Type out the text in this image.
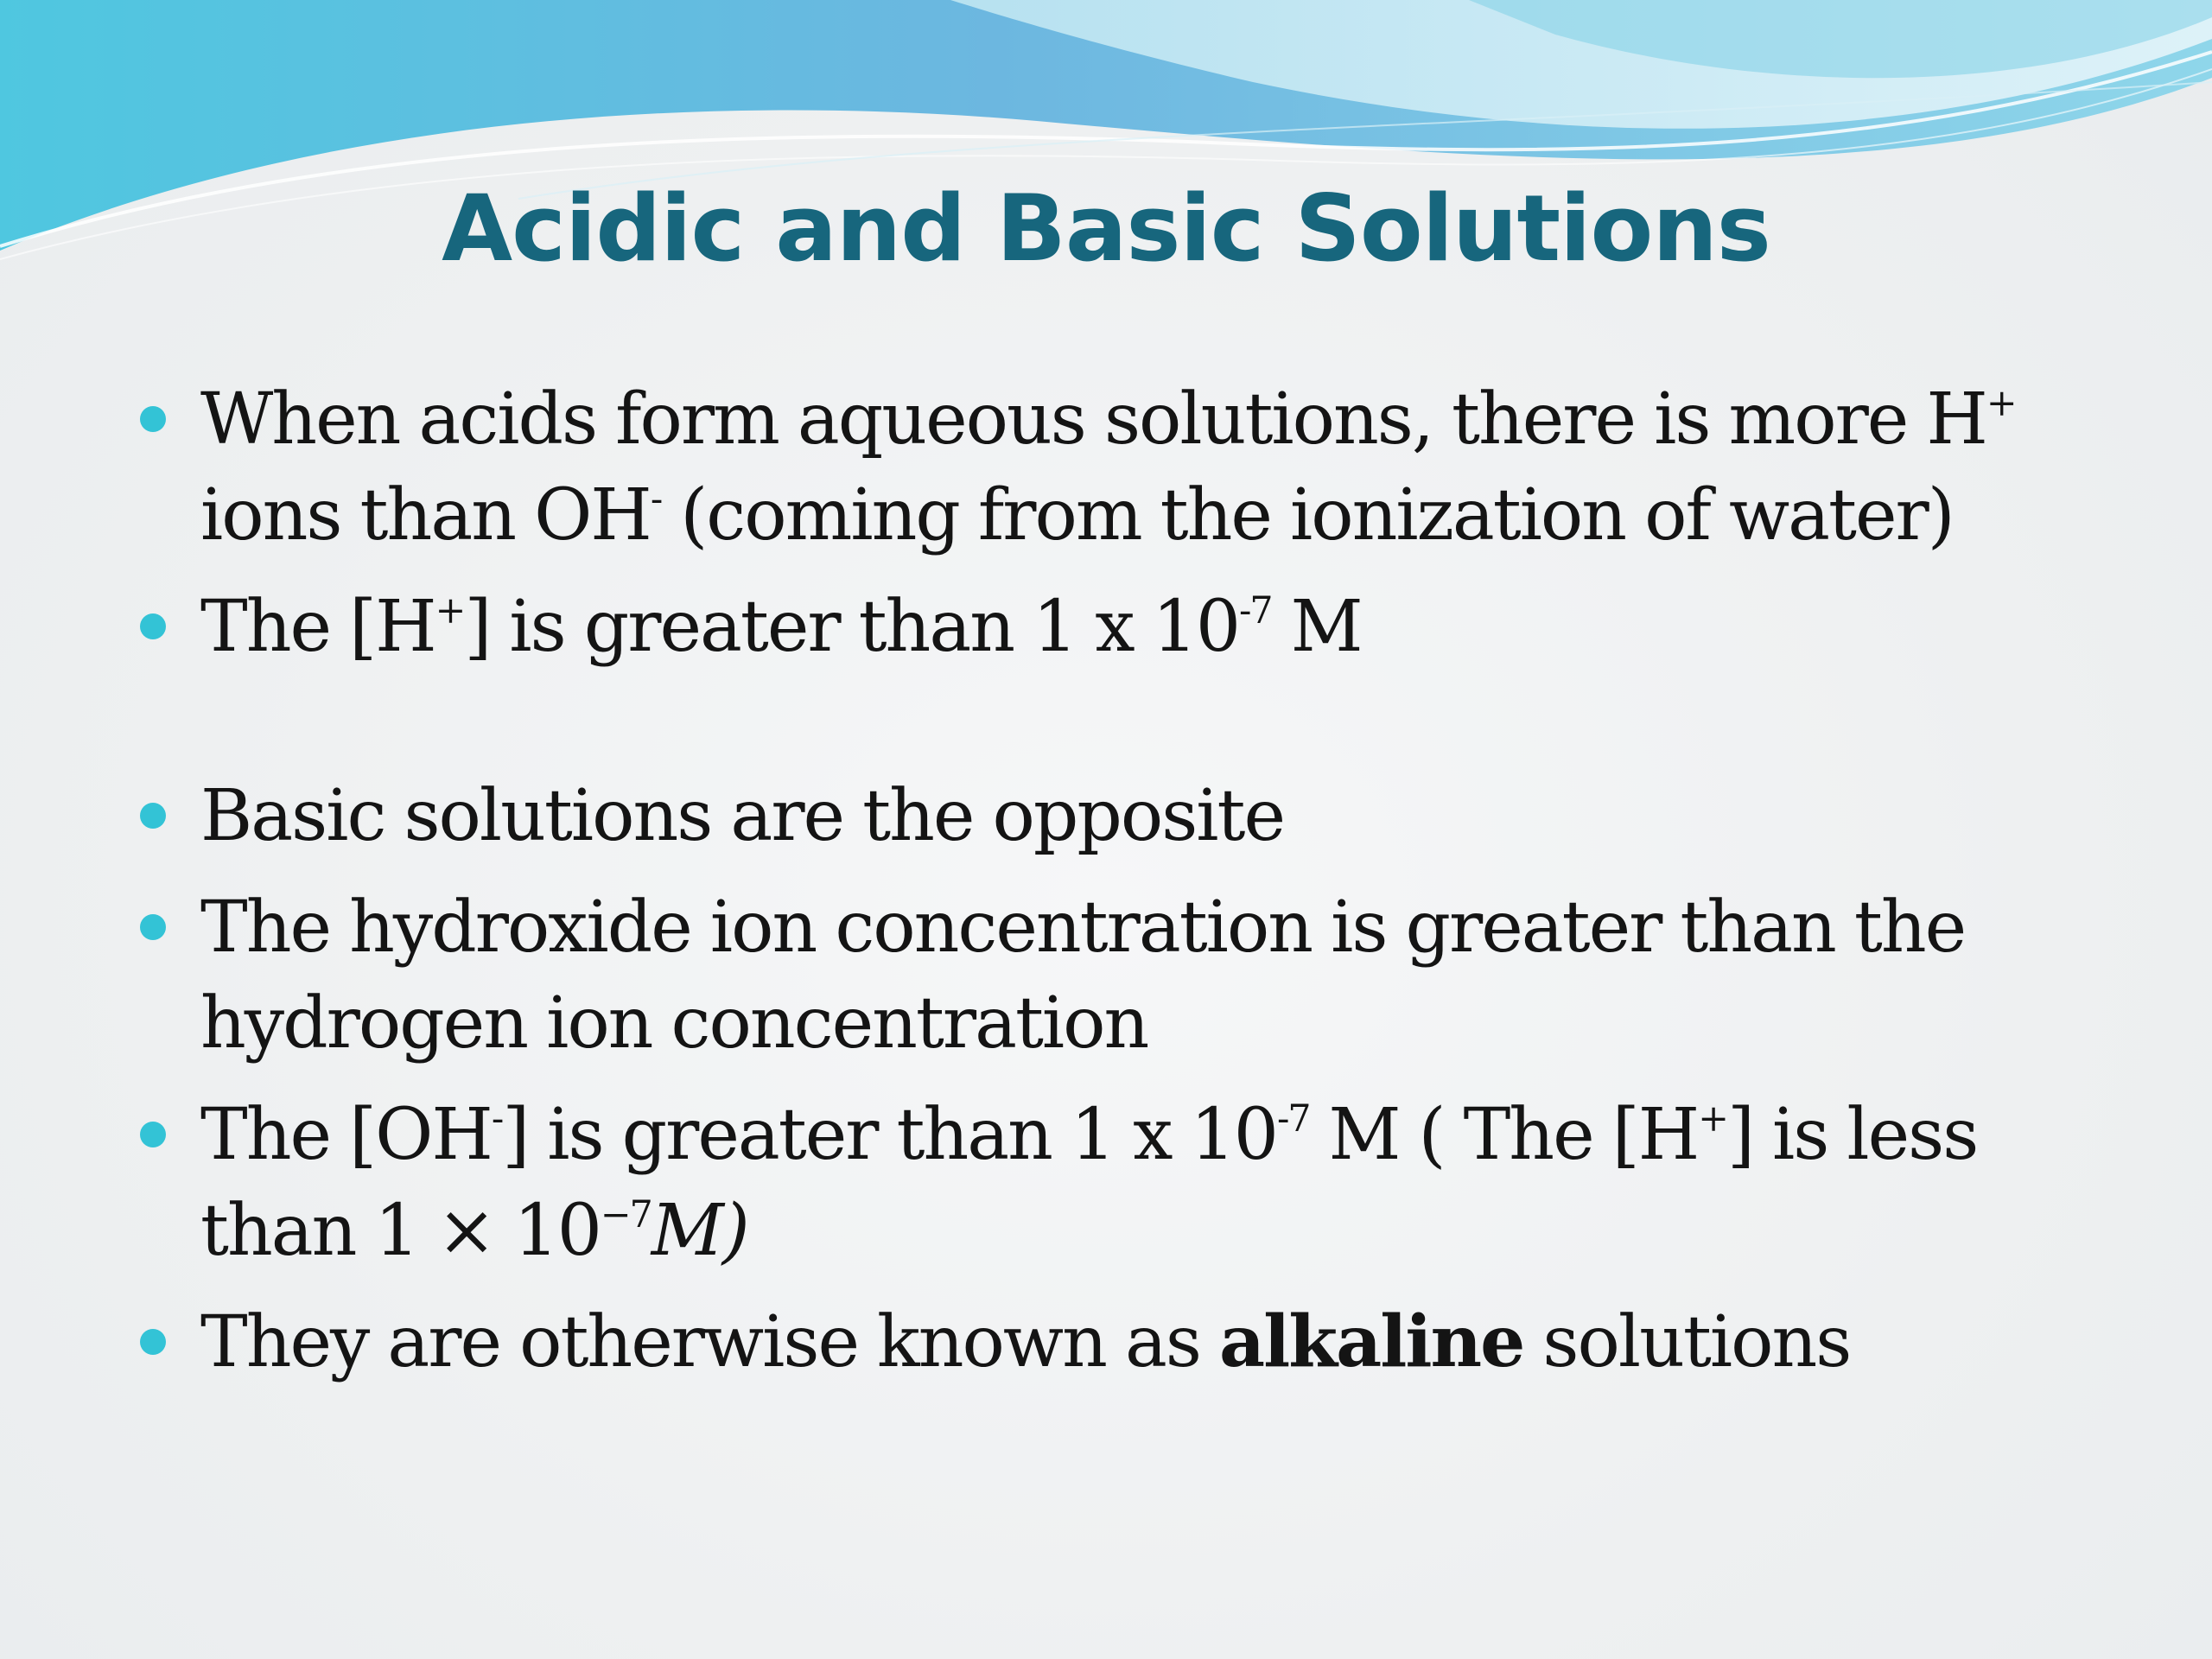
Acidic and Basic Solutions
When acids form aqueous solutions, there is more H+ ions than OH- (coming from the ionization of water)
The [H+] is greater than 1 x $10^{-7}$ M
Basic solutions are the opposite
The hydroxide ion concentration is greater than the hydrogen ion concentration
The [OH-] is greater than 1 x $10^{-7}$ M ( The [H+] is less than $1 \times 10^{-7}M$)
They are otherwise known as alkaline solutions
